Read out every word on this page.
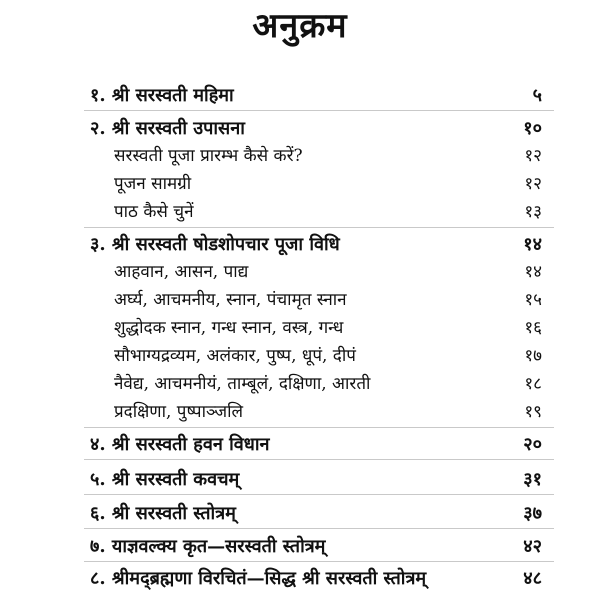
अनुक्रम
१. श्री सरस्वती महिमा	५
२. श्री सरस्वती उपासना	१०
सरस्वती पूजा प्रारम्भ कैसे करें?	१२
पूजन सामग्री	१२
पाठ कैसे चुनें	१३
३. श्री सरस्वती षोडशोपचार पूजा विधि	१४
आहवान, आसन, पाद्य	१४
अर्घ्य, आचमनीय, स्नान, पंचामृत स्नान	१५
शुद्धोदक स्नान, गन्ध स्नान, वस्त्र, गन्ध	१६
सौभाग्यद्रव्यम, अलंकार, पुष्प, धूपं, दीपं	१७
नैवेद्य, आचमनीयं, ताम्बूलं, दक्षिणा, आरती	१८
प्रदक्षिणा, पुष्पाञ्जलि	१९
४. श्री सरस्वती हवन विधान	२०
५. श्री सरस्वती कवचम्	३१
६. श्री सरस्वती स्तोत्रम्	३७
७. याज्ञवल्क्य कृत—सरस्वती स्तोत्रम्	४२
८. श्रीमद्‌ब्रह्मणा विरचितं—सिद्ध श्री सरस्वती स्तोत्रम्	४८
